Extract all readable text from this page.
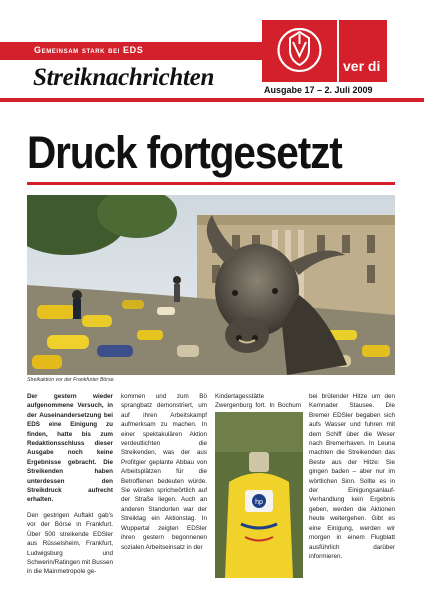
Gemeinsam stark bei EDS
Streiknachrichten	Ausgabe 17 – 2. Juli 2009
ver di
Druck fortgesetzt
Streikaktion vor der Frankfurter Börse.
Der gestern wieder aufgenommene Versuch, in der Auseinandersetzung bei EDS eine Einigung zu finden, hatte bis zum Redaktionsschluss dieser Ausgabe noch keine Ergebnisse gebracht. Die Streikenden haben unterdessen den Streikdruck aufrecht erhalten.

Den gestrigen Auftakt gab's vor der Börse in Frankfurt. Über 500 streikende EDSler aus Rüsselsheim, Frankfurt, Ludwigsburg und Schwerin/Ratingen mit Bussen in die Mainmetropole ge-

kommen und zum Bö sprangbatz demonstriert, um auf ihren Arbeitskampf aufmerksam zu machen. In einer spektakulären Aktion verdeutlichten die Streikenden, was der aus Profitgier geplante Abbau von Arbeitsplätzen für die Betroffenen bedeuten würde. Sie würden sprichwörtlich auf der Straße liegen. Auch an anderen Standorten war der Streiktag ein Aktionstag. In Wuppertal zeigten EDSler ihren gestern begonnenen sozialen Arbeitseinsatz in der

Kindertagesstätte Zwergenburg fort. In Bochum

bei brütender Hitze um den Kemnader Stausee. Die Bremer EDSler begaben sich aufs Wasser und fuhren mit dem Schiff über die Weser nach Bremerhaven. In Leuna machten die Streikenden das Beste aus der Hitze: Sie gingen baden – aber nur im wörtlichen Sinn. Sollte es in der Einigungsanlauf-Verhandlung kein Ergebnis geben, werden die Aktionen heute weitergehen. Gibt es eine Einigung, werden wir morgen in einem Flugblatt ausführlich darüber informieren.

hp
